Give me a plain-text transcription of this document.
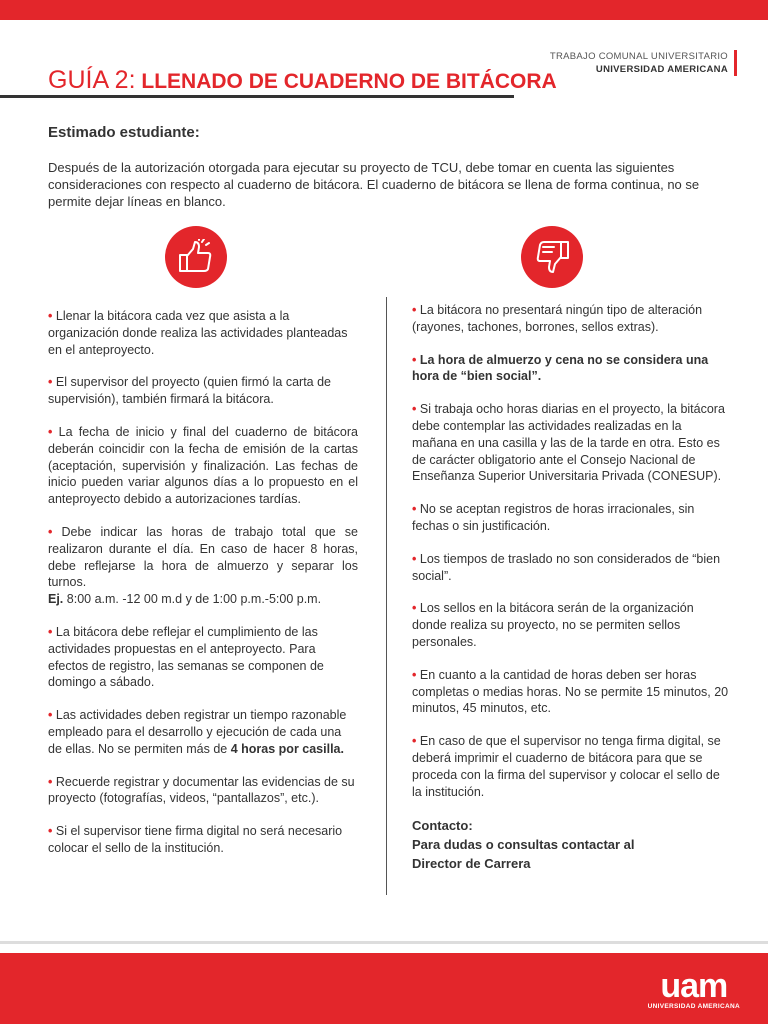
TRABAJO COMUNAL UNIVERSITARIO
UNIVERSIDAD AMERICANA
GUÍA 2: LLENADO DE CUADERNO DE BITÁCORA
Estimado estudiante:
Después de la autorización otorgada para ejecutar su proyecto de TCU, debe tomar en cuenta las siguientes consideraciones con respecto al cuaderno de bitácora. El cuaderno de bitácora se llena de forma continua, no se permite dejar líneas en blanco.
• Llenar la bitácora cada vez que asista a la organización donde realiza las actividades planteadas en el anteproyecto.
• El supervisor del proyecto (quien firmó la carta de supervisión), también firmará la bitácora.
• La fecha de inicio y final del cuaderno de bitácora deberán coincidir con la fecha de emisión de la cartas (aceptación, supervisión y finalización. Las fechas de inicio pueden variar algunos días a lo propuesto en el anteproyecto debido a autorizaciones tardías.
• Debe indicar las horas de trabajo total que se realizaron durante el día. En caso de hacer 8 horas, debe reflejarse la hora de almuerzo y separar los turnos.
Ej. 8:00 a.m. -12 00 m.d y de 1:00 p.m.-5:00 p.m.
• La bitácora debe reflejar el cumplimiento de las actividades propuestas en el anteproyecto. Para efectos de registro, las semanas se componen de domingo a sábado.
• Las actividades deben registrar un tiempo razonable empleado para el desarrollo y ejecución de cada una de ellas. No se permiten más de 4 horas por casilla.
• Recuerde registrar y documentar las evidencias de su proyecto (fotografías, videos, “pantallazos”, etc.).
• Si el supervisor tiene firma digital no será necesario colocar el sello de la institución.
• La bitácora no presentará ningún tipo de alteración (rayones, tachones, borrones, sellos extras).
• La hora de almuerzo y cena no se considera una hora de “bien social”.
• Si trabaja ocho horas diarias en el proyecto, la bitácora debe contemplar las actividades realizadas en la mañana en una casilla y las de la tarde en otra. Esto es de carácter obligatorio ante el Consejo Nacional de Enseñanza Superior Universitaria Privada (CONESUP).
• No se aceptan registros de horas irracionales, sin fechas o sin justificación.
• Los tiempos de traslado no son considerados de “bien social”.
• Los sellos en la bitácora serán de la organización donde realiza su proyecto, no se permiten sellos personales.
• En cuanto a la cantidad de horas deben ser horas completas o medias horas. No se permite 15 minutos, 20 minutos, 45 minutos, etc.
• En caso de que el supervisor no tenga firma digital, se deberá imprimir el cuaderno de bitácora para que se proceda con la firma del supervisor y colocar el sello de la institución.
Contacto:
Para dudas o consultas contactar al
Director de Carrera
uam
UNIVERSIDAD AMERICANA
